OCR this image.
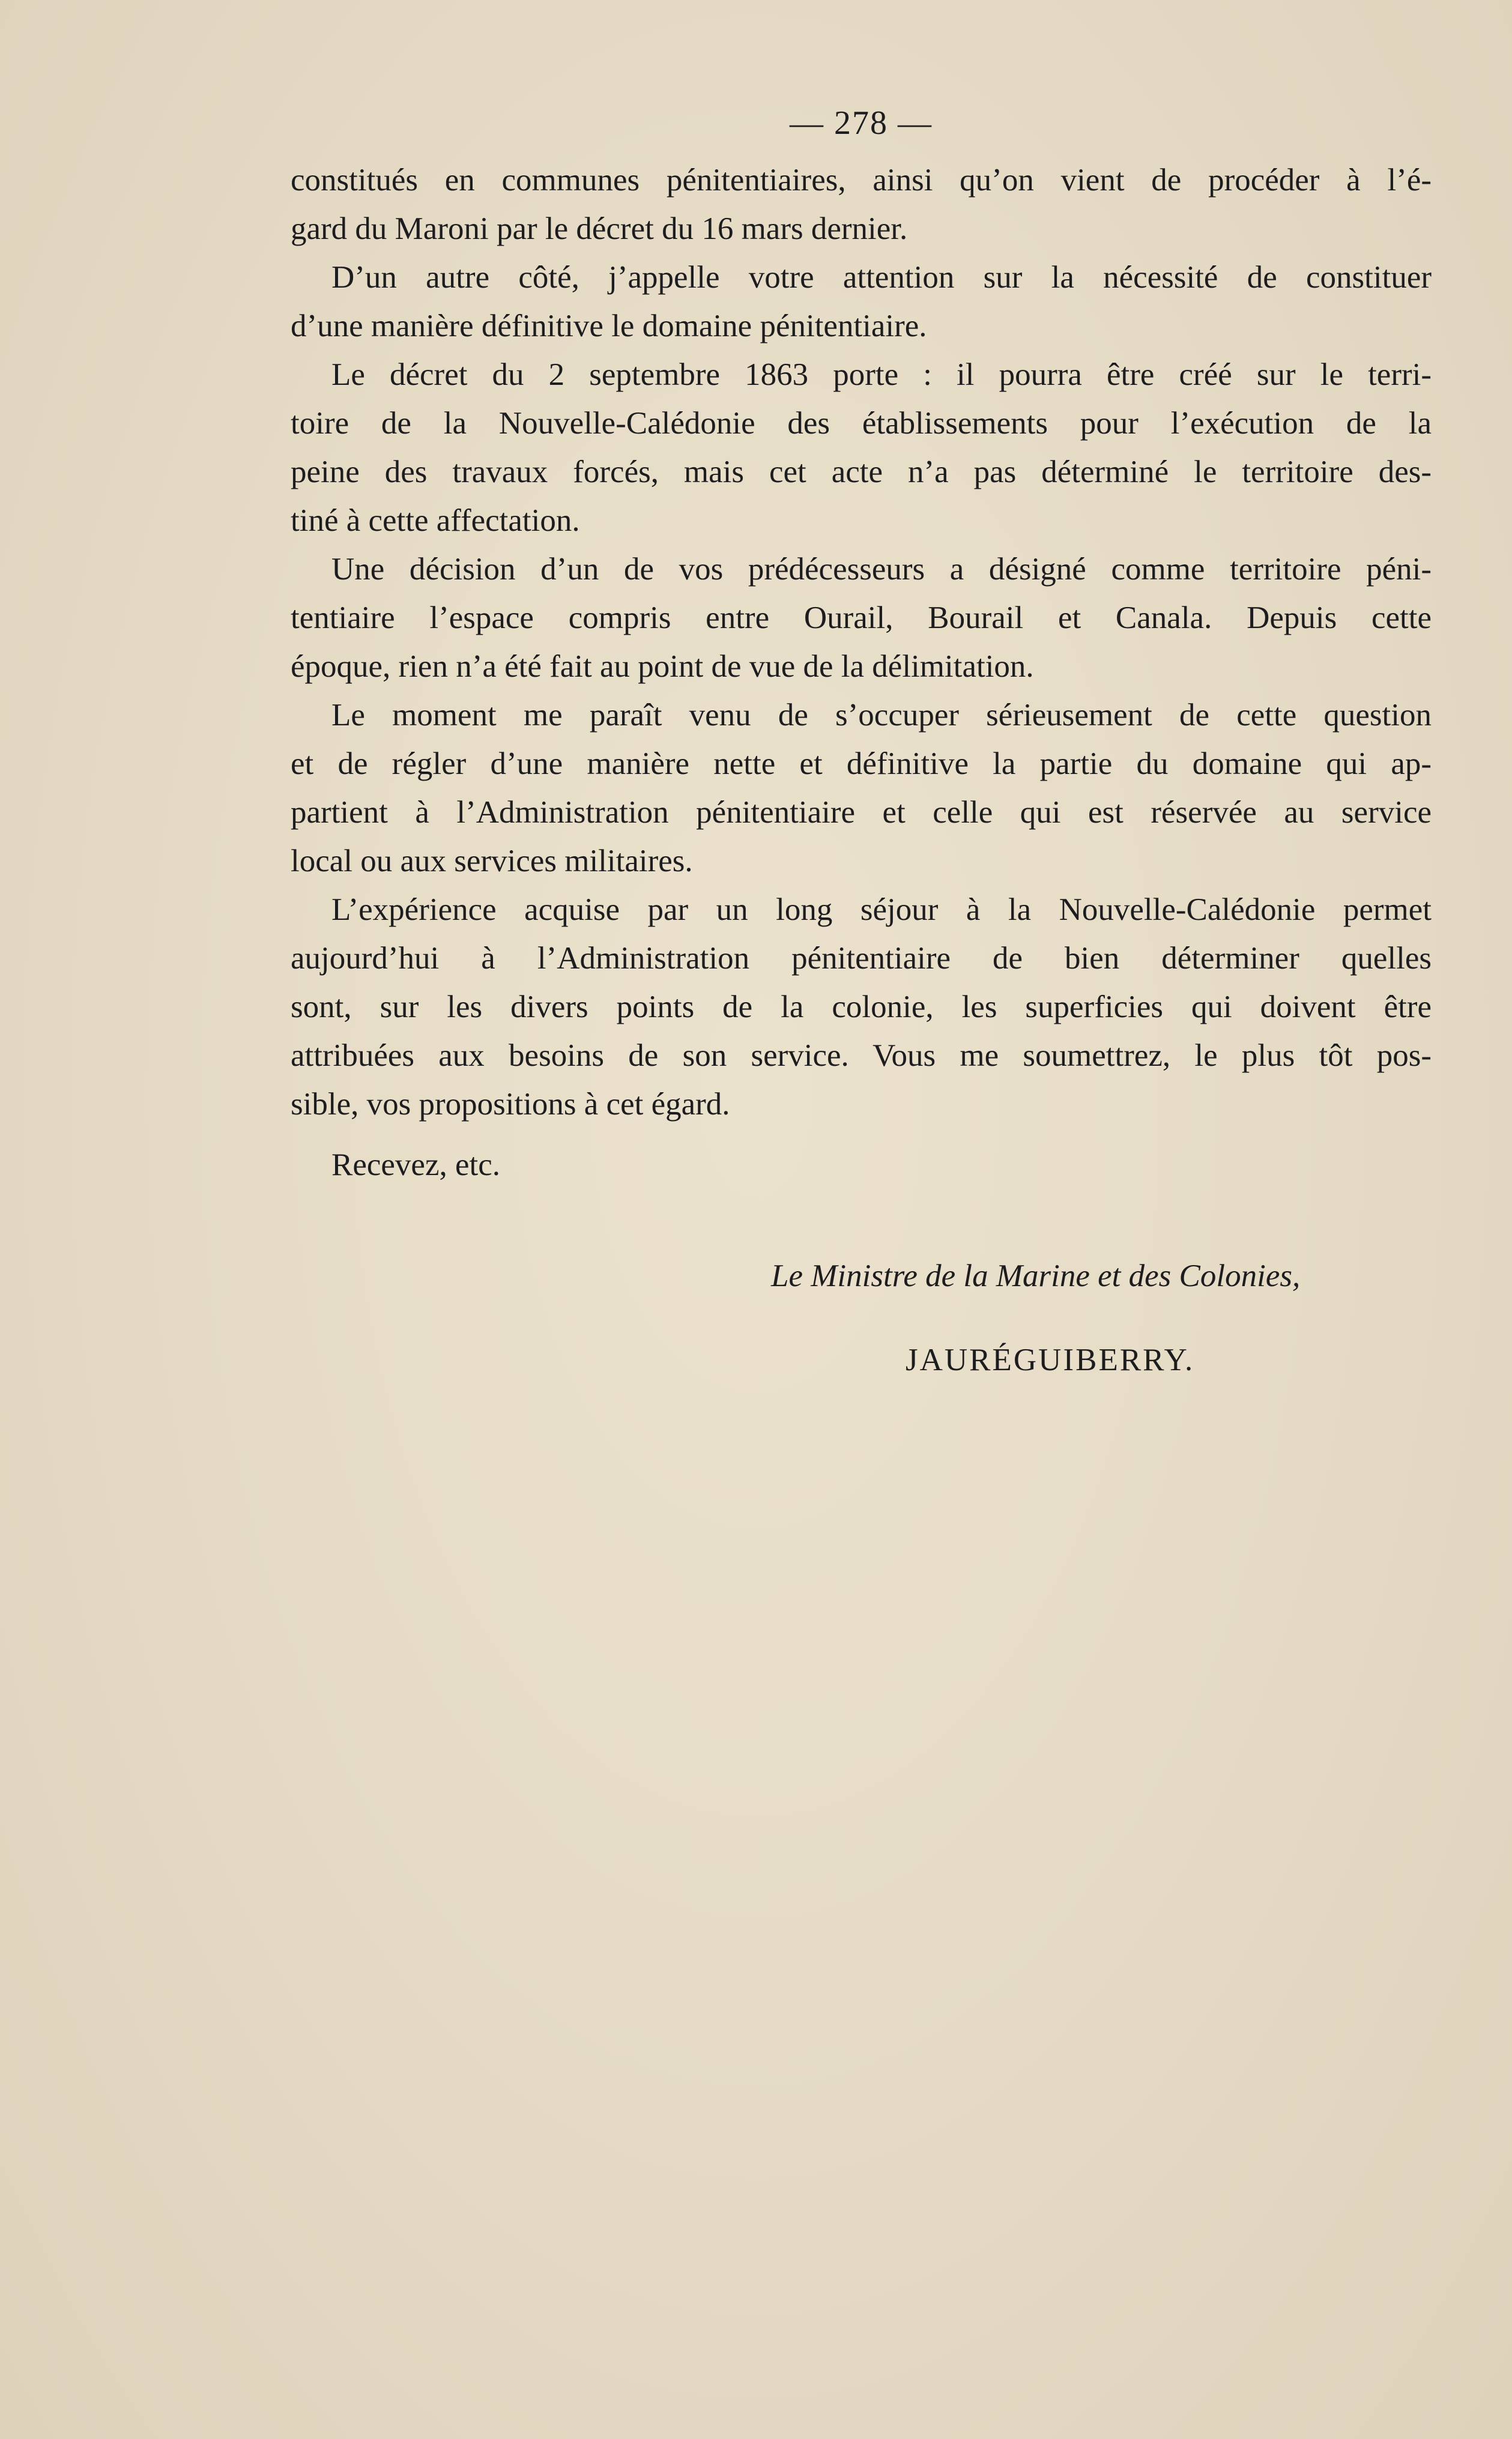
— 278 —
constitués en communes pénitentiaires, ainsi qu’on vient de procéder à l’é-
gard du Maroni par le décret du 16 mars dernier.
D’un autre côté, j’appelle votre attention sur la nécessité de constituer
d’une manière définitive le domaine pénitentiaire.
Le décret du 2 septembre 1863 porte : il pourra être créé sur le terri-
toire de la Nouvelle-Calédonie des établissements pour l’exécution de la
peine des travaux forcés, mais cet acte n’a pas déterminé le territoire des-
tiné à cette affectation.
Une décision d’un de vos prédécesseurs a désigné comme territoire péni-
tentiaire l’espace compris entre Ourail, Bourail et Canala. Depuis cette
époque, rien n’a été fait au point de vue de la délimitation.
Le moment me paraît venu de s’occuper sérieusement de cette question
et de régler d’une manière nette et définitive la partie du domaine qui ap-
partient à l’Administration pénitentiaire et celle qui est réservée au service
local ou aux services militaires.
L’expérience acquise par un long séjour à la Nouvelle-Calédonie permet
aujourd’hui à l’Administration pénitentiaire de bien déterminer quelles
sont, sur les divers points de la colonie, les superficies qui doivent être
attribuées aux besoins de son service. Vous me soumettrez, le plus tôt pos-
sible, vos propositions à cet égard.
Recevez, etc.
Le Ministre de la Marine et des Colonies,
JAURÉGUIBERRY.
